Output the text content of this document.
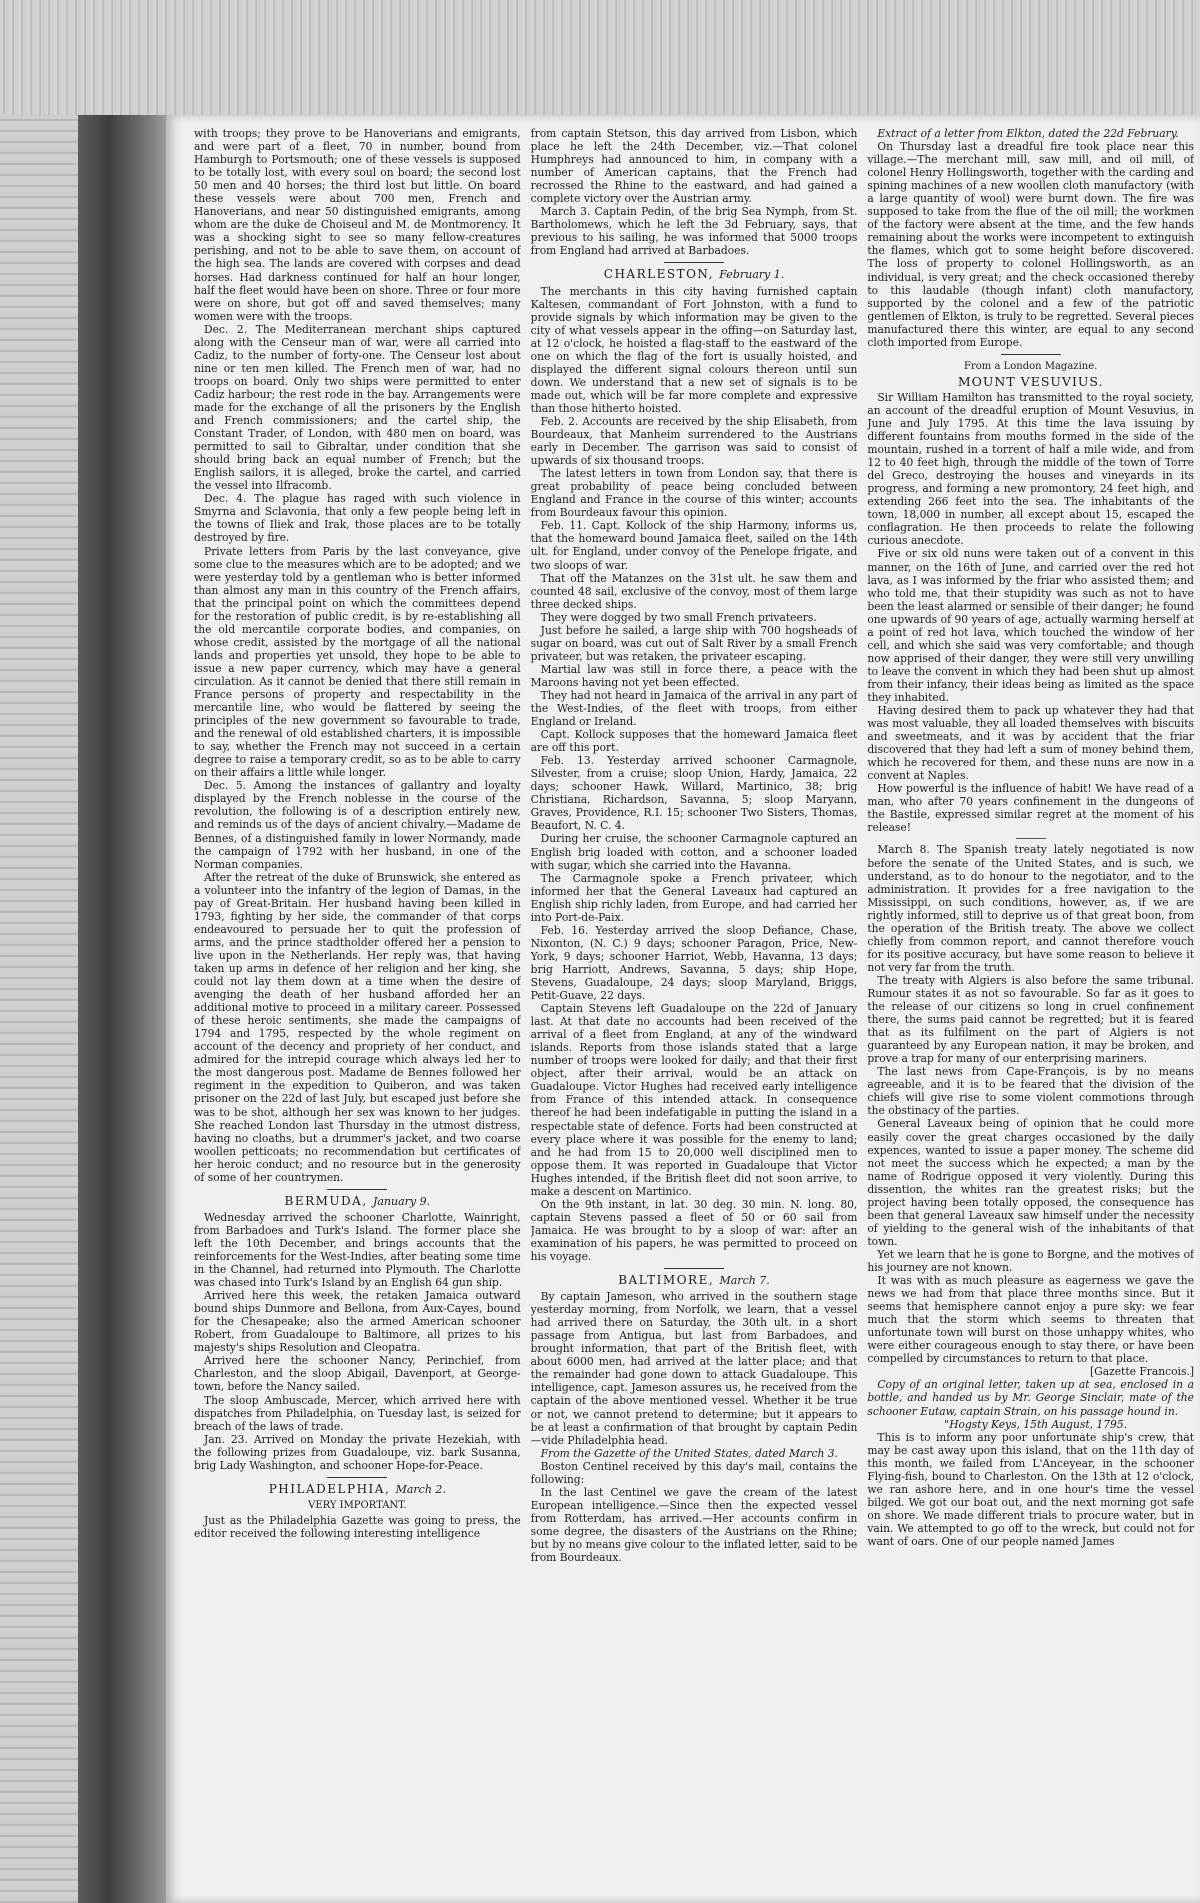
with troops; they prove to be Hanoverians and emigrants, and were part of a fleet, 70 in number, bound from Hamburgh to Portsmouth; one of these vessels is supposed to be totally lost, with every soul on board; the second lost 50 men and 40 horses; the third lost but little. On board these vessels were about 700 men, French and Hanoverians, and near 50 distinguished emigrants, among whom are the duke de Choiseul and M. de Montmorency. It was a shocking sight to see so many fellow-creatures perishing, and not to be able to save them, on account of the high sea. The lands are covered with corpses and dead horses. Had darkness continued for half an hour longer, half the fleet would have been on shore. Three or four more were on shore, but got off and saved themselves; many women were with the troops.

Dec. 2. The Mediterranean merchant ships captured along with the Censeur man of war, were all carried into Cadiz, to the number of forty-one. The Censeur lost about nine or ten men killed. The French men of war, had no troops on board. Only two ships were permitted to enter Cadiz harbour; the rest rode in the bay. Arrangements were made for the exchange of all the prisoners by the English and French commissioners; and the cartel ship, the Constant Trader, of London, with 480 men on board, was permitted to sail to Gibraltar, under condition that she should bring back an equal number of French; but the English sailors, it is alleged, broke the cartel, and carried the vessel into Ilfracomb.

Dec. 4. The plague has raged with such violence in Smyrna and Sclavonia, that only a few people being left in the towns of Iliek and Irak, those places are to be totally destroyed by fire.

Private letters from Paris by the last conveyance, give some clue to the measures which are to be adopted; and we were yesterday told by a gentleman who is better informed than almost any man in this country of the French affairs, that the principal point on which the committees depend for the restoration of public credit, is by re-establishing all the old mercantile corporate bodies, and companies, on whose credit, assisted by the mortgage of all the national lands and properties yet unsold, they hope to be able to issue a new paper currency, which may have a general circulation. As it cannot be denied that there still remain in France persons of property and respectability in the mercantile line, who would be flattered by seeing the principles of the new government so favourable to trade, and the renewal of old established charters, it is impossible to say, whether the French may not succeed in a certain degree to raise a temporary credit, so as to be able to carry on their affairs a little while longer.

Dec. 5. Among the instances of gallantry and loyalty displayed by the French noblesse in the course of the revolution, the following is of a description entirely new, and reminds us of the days of ancient chivalry.—Madame de Bennes, of a distinguished family in lower Normandy, made the campaign of 1792 with her husband, in one of the Norman companies.

After the retreat of the duke of Brunswick, she entered as a volunteer into the infantry of the legion of Damas, in the pay of Great-Britain. Her husband having been killed in 1793, fighting by her side, the commander of that corps endeavoured to persuade her to quit the profession of arms, and the prince stadtholder offered her a pension to live upon in the Netherlands. Her reply was, that having taken up arms in defence of her religion and her king, she could not lay them down at a time when the desire of avenging the death of her husband afforded her an additional motive to proceed in a military career. Possessed of these heroic sentiments, she made the campaigns of 1794 and 1795, respected by the whole regiment on account of the decency and propriety of her conduct, and admired for the intrepid courage which always led her to the most dangerous post. Madame de Bennes followed her regiment in the expedition to Quiberon, and was taken prisoner on the 22d of last July, but escaped just before she was to be shot, although her sex was known to her judges. She reached London last Thursday in the utmost distress, having no cloaths, but a drummer's jacket, and two coarse woollen petticoats; no recommendation but certificates of her heroic conduct; and no resource but in the generosity of some of her countrymen.

BERMUDA, January 9.

Wednesday arrived the schooner Charlotte, Wainright, from Barbadoes and Turk's Island. The former place she left the 10th December, and brings accounts that the reinforcements for the West-Indies, after beating some time in the Channel, had returned into Plymouth. The Charlotte was chased into Turk's Island by an English 64 gun ship.

Arrived here this week, the retaken Jamaica outward bound ships Dunmore and Bellona, from Aux-Cayes, bound for the Chesapeake; also the armed American schooner Robert, from Guadaloupe to Baltimore, all prizes to his majesty's ships Resolution and Cleopatra.

Arrived here the schooner Nancy, Perinchief, from Charleston, and the sloop Abigail, Davenport, at George-town, before the Nancy sailed.

The sloop Ambuscade, Mercer, which arrived here with dispatches from Philadelphia, on Tuesday last, is seized for breach of the laws of trade.

Jan. 23. Arrived on Monday the private Hezekiah, with the following prizes from Guadaloupe, viz. bark Susanna, brig Lady Washington, and schooner Hope-for-Peace.

PHILADELPHIA, March 2.
VERY IMPORTANT.

Just as the Philadelphia Gazette was going to press, the editor received the following interesting intelligence

from captain Stetson, this day arrived from Lisbon, which place he left the 24th December, viz.—That colonel Humphreys had announced to him, in company with a number of American captains, that the French had recrossed the Rhine to the eastward, and had gained a complete victory over the Austrian army.

March 3. Captain Pedin, of the brig Sea Nymph, from St. Bartholomews, which he left the 3d February, says, that previous to his sailing, he was informed that 5000 troops from England had arrived at Barbadoes.

CHARLESTON, February 1.

The merchants in this city having furnished captain Kaltesen, commandant of Fort Johnston, with a fund to provide signals by which information may be given to the city of what vessels appear in the offing—on Saturday last, at 12 o'clock, he hoisted a flag-staff to the eastward of the one on which the flag of the fort is usually hoisted, and displayed the different signal colours thereon until sun down. We understand that a new set of signals is to be made out, which will be far more complete and expressive than those hitherto hoisted.

Feb. 2. Accounts are received by the ship Elisabeth, from Bourdeaux, that Manheim surrendered to the Austrians early in December. The garrison was said to consist of upwards of six thousand troops.

The latest letters in town from London say, that there is great probability of peace being concluded between England and France in the course of this winter; accounts from Bourdeaux favour this opinion.

Feb. 11. Capt. Kollock of the ship Harmony, informs us, that the homeward bound Jamaica fleet, sailed on the 14th ult. for England, under convoy of the Penelope frigate, and two sloops of war.

That off the Matanzes on the 31st ult. he saw them and counted 48 sail, exclusive of the convoy, most of them large three decked ships.

They were dogged by two small French privateers.

Just before he sailed, a large ship with 700 hogsheads of sugar on board, was cut out of Salt River by a small French privateer, but was retaken, the privateer escaping.

Martial law was still in force there, a peace with the Maroons having not yet been effected.

They had not heard in Jamaica of the arrival in any part of the West-Indies, of the fleet with troops, from either England or Ireland.

Capt. Kollock supposes that the homeward Jamaica fleet are off this port.

Feb. 13. Yesterday arrived schooner Carmagnole, Silvester, from a cruise; sloop Union, Hardy, Jamaica, 22 days; schooner Hawk, Willard, Martinico, 38; brig Christiana, Richardson, Savanna, 5; sloop Maryann, Graves, Providence, R.I. 15; schooner Two Sisters, Thomas, Beaufort, N. C. 4.

During her cruise, the schooner Carmagnole captured an English brig loaded with cotton, and a schooner loaded with sugar, which she carried into the Havanna.

The Carmagnole spoke a French privateer, which informed her that the General Laveaux had captured an English ship richly laden, from Europe, and had carried her into Port-de-Paix.

Feb. 16. Yesterday arrived the sloop Defiance, Chase, Nixonton, (N. C.) 9 days; schooner Paragon, Price, New-York, 9 days; schooner Harriot, Webb, Havanna, 13 days; brig Harriott, Andrews, Savanna, 5 days; ship Hope, Stevens, Guadaloupe, 24 days; sloop Maryland, Briggs, Petit-Guave, 22 days.

Captain Stevens left Guadaloupe on the 22d of January last. At that date no accounts had been received of the arrival of a fleet from England, at any of the windward islands. Reports from those islands stated that a large number of troops were looked for daily; and that their first object, after their arrival, would be an attack on Guadaloupe. Victor Hughes had received early intelligence from France of this intended attack. In consequence thereof he had been indefatigable in putting the island in a respectable state of defence. Forts had been constructed at every place where it was possible for the enemy to land; and he had from 15 to 20,000 well disciplined men to oppose them. It was reported in Guadaloupe that Victor Hughes intended, if the British fleet did not soon arrive, to make a descent on Martinico.

On the 9th instant, in lat. 30 deg. 30 min. N. long. 80, captain Stevens passed a fleet of 50 or 60 sail from Jamaica. He was brought to by a sloop of war: after an examination of his papers, he was permitted to proceed on his voyage.

BALTIMORE, March 7.

By captain Jameson, who arrived in the southern stage yesterday morning, from Norfolk, we learn, that a vessel had arrived there on Saturday, the 30th ult. in a short passage from Antigua, but last from Barbadoes, and brought information, that part of the British fleet, with about 6000 men, had arrived at the latter place; and that the remainder had gone down to attack Guadaloupe. This intelligence, capt. Jameson assures us, he received from the captain of the above mentioned vessel. Whether it be true or not, we cannot pretend to determine; but it appears to be at least a confirmation of that brought by captain Pedin—vide Philadelphia head.

From the Gazette of the United States, dated March 3.

Boston Centinel received by this day's mail, contains the following:

In the last Centinel we gave the cream of the latest European intelligence.—Since then the expected vessel from Rotterdam, has arrived.—Her accounts confirm in some degree, the disasters of the Austrians on the Rhine; but by no means give colour to the inflated letter, said to be from Bourdeaux.

Extract of a letter from Elkton, dated the 22d February.

On Thursday last a dreadful fire took place near this village.—The merchant mill, saw mill, and oil mill, of colonel Henry Hollingsworth, together with the carding and spining machines of a new woollen cloth manufactory (with a large quantity of wool) were burnt down. The fire was supposed to take from the flue of the oil mill; the workmen of the factory were absent at the time, and the few hands remaining about the works were incompetent to extinguish the flames, which got to some height before discovered. The loss of property to colonel Hollingsworth, as an individual, is very great; and the check occasioned thereby to this laudable (though infant) cloth manufactory, supported by the colonel and a few of the patriotic gentlemen of Elkton, is truly to be regretted. Several pieces manufactured there this winter, are equal to any second cloth imported from Europe.

From a London Magazine.
MOUNT VESUVIUS.

Sir William Hamilton has transmitted to the royal society, an account of the dreadful eruption of Mount Vesuvius, in June and July 1795. At this time the lava issuing by different fountains from mouths formed in the side of the mountain, rushed in a torrent of half a mile wide, and from 12 to 40 feet high, through the middle of the town of Torre del Greco, destroying the houses and vineyards in its progress, and forming a new promontory, 24 feet high, and extending 266 feet into the sea. The inhabitants of the town, 18,000 in number, all except about 15, escaped the conflagration. He then proceeds to relate the following curious anecdote.

Five or six old nuns were taken out of a convent in this manner, on the 16th of June, and carried over the red hot lava, as I was informed by the friar who assisted them; and who told me, that their stupidity was such as not to have been the least alarmed or sensible of their danger; he found one upwards of 90 years of age, actually warming herself at a point of red hot lava, which touched the window of her cell, and which she said was very comfortable; and though now apprised of their danger, they were still very unwilling to leave the convent in which they had been shut up almost from their infancy, their ideas being as limited as the space they inhabited.

Having desired them to pack up whatever they had that was most valuable, they all loaded themselves with biscuits and sweetmeats, and it was by accident that the friar discovered that they had left a sum of money behind them, which he recovered for them, and these nuns are now in a convent at Naples.

How powerful is the influence of habit! We have read of a man, who after 70 years confinement in the dungeons of the Bastile, expressed similar regret at the moment of his release!

March 8. The Spanish treaty lately negotiated is now before the senate of the United States, and is such, we understand, as to do honour to the negotiator, and to the administration. It provides for a free navigation to the Mississippi, on such conditions, however, as, if we are rightly informed, still to deprive us of that great boon, from the operation of the British treaty. The above we collect chiefly from common report, and cannot therefore vouch for its positive accuracy, but have some reason to believe it not very far from the truth.

The treaty with Algiers is also before the same tribunal. Rumour states it as not so favourable. So far as it goes to the release of our citizens so long in cruel confinement there, the sums paid cannot be regretted; but it is feared that as its fulfilment on the part of Algiers is not guaranteed by any European nation, it may be broken, and prove a trap for many of our enterprising mariners.

The last news from Cape-François, is by no means agreeable, and it is to be feared that the division of the chiefs will give rise to some violent commotions through the obstinacy of the parties.

General Laveaux being of opinion that he could more easily cover the great charges occasioned by the daily expences, wanted to issue a paper money. The scheme did not meet the success which he expected; a man by the name of Rodrigue opposed it very violently. During this dissention, the whites ran the greatest risks; but the project having been totally opposed, the consequence has been that general Laveaux saw himself under the necessity of yielding to the general wish of the inhabitants of that town.

Yet we learn that he is gone to Borgne, and the motives of his journey are not known.

It was with as much pleasure as eagerness we gave the news we had from that place three months since. But it seems that hemisphere cannot enjoy a pure sky: we fear much that the storm which seems to threaten that unfortunate town will burst on those unhappy whites, who were either courageous enough to stay there, or have been compelled by circumstances to return to that place.

[Gazette Francois.]

Copy of an original letter, taken up at sea, enclosed in a bottle, and handed us by Mr. George Sinclair, mate of the schooner Eutaw, captain Strain, on his passage hound in.

"Hogsty Keys, 15th August, 1795.

This is to inform any poor unfortunate ship's crew, that may be cast away upon this island, that on the 11th day of this month, we failed from L'Anceyear, in the schooner Flying-fish, bound to Charleston. On the 13th at 12 o'clock, we ran ashore here, and in one hour's time the vessel bilged. We got our boat out, and the next morning got safe on shore. We made different trials to procure water, but in vain. We attempted to go off to the wreck, but could not for want of oars. One of our people named James
